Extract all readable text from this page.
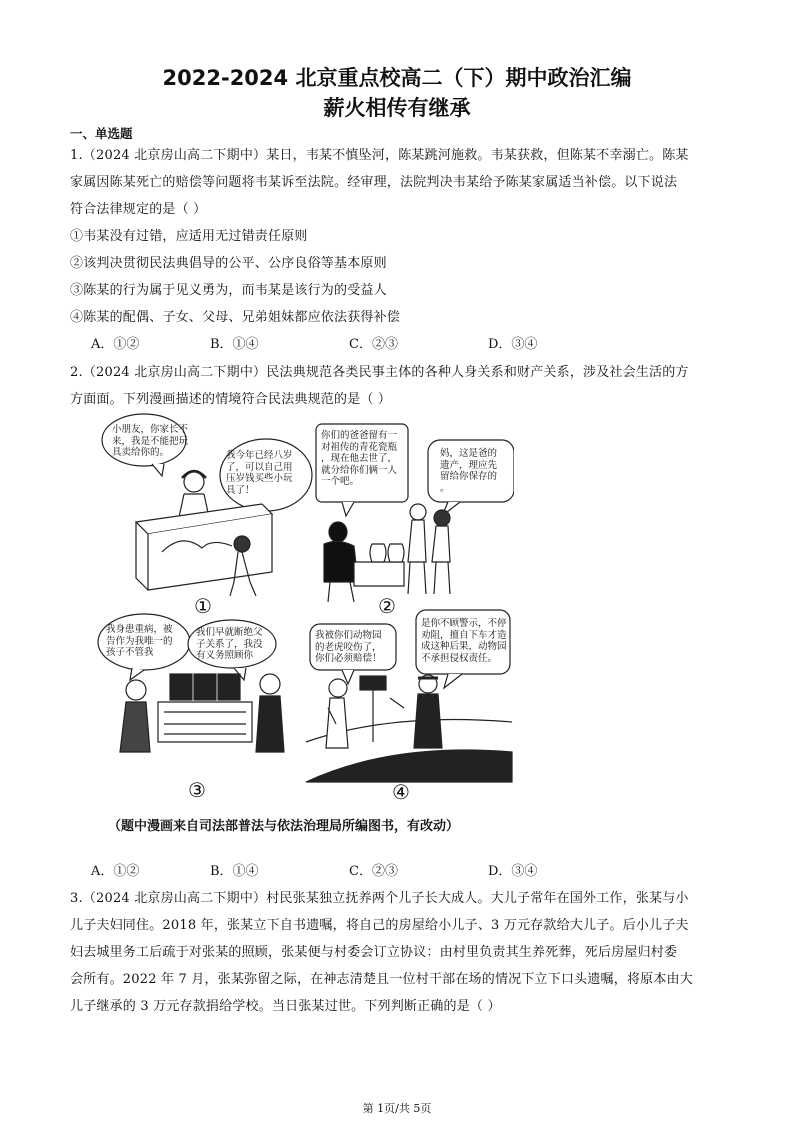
2022-2024 北京重点校高二（下）期中政治汇编
薪火相传有继承
一、单选题
1.（2024 北京房山高二下期中）某日，韦某不慎坠河，陈某跳河施救。韦某获救，但陈某不幸溺亡。陈某
家属因陈某死亡的赔偿等问题将韦某诉至法院。经审理，法院判决韦某给予陈某家属适当补偿。以下说法
符合法律规定的是（ ）
①韦某没有过错，应适用无过错责任原则
②该判决贯彻民法典倡导的公平、公序良俗等基本原则
③陈某的行为属于见义勇为，而韦某是该行为的受益人
④陈某的配偶、子女、父母、兄弟姐妹都应依法获得补偿
A．①②	B．①④	C．②③	D．③④
2.（2024 北京房山高二下期中）民法典规范各类民事主体的各种人身关系和财产关系，涉及社会生活的方
方面面。下列漫画描述的情境符合民法典规范的是（ ）
小朋友，你家长不
来，我是不能把玩
具卖给你的。	我今年已经八岁
了，可以自己用
压岁钱买些小玩
具了！
你们的爸爸留有一
对祖传的青花瓷瓶
，现在他去世了，
就分给你们俩一人
一个吧。
妈，这是爸的
遗产，理应先
留给你保存的
。
我身患重病，被
告作为我唯一的
孩子不管我
我们早就断绝父
子关系了，我没
有义务照顾你
我被你们动物园
的老虎咬伤了，
你们必须赔偿！
是你不顾警示，不停
劝阻，擅自下车才造
成这种后果，动物园
不承担侵权责任。
①	②
③	④
（题中漫画来自司法部普法与依法治理局所编图书，有改动）
A．①②	B．①④	C．②③	D．③④
3.（2024 北京房山高二下期中）村民张某独立抚养两个儿子长大成人。大儿子常年在国外工作，张某与小
儿子夫妇同住。2018 年，张某立下自书遗嘱，将自己的房屋给小儿子、3 万元存款给大儿子。后小儿子夫
妇去城里务工后疏于对张某的照顾，张某便与村委会订立协议：由村里负责其生养死葬，死后房屋归村委
会所有。2022 年 7 月，张某弥留之际，在神志清楚且一位村干部在场的情况下立下口头遗嘱，将原本由大
儿子继承的 3 万元存款捐给学校。当日张某过世。下列判断正确的是（ ）
第 1页/共 5页
